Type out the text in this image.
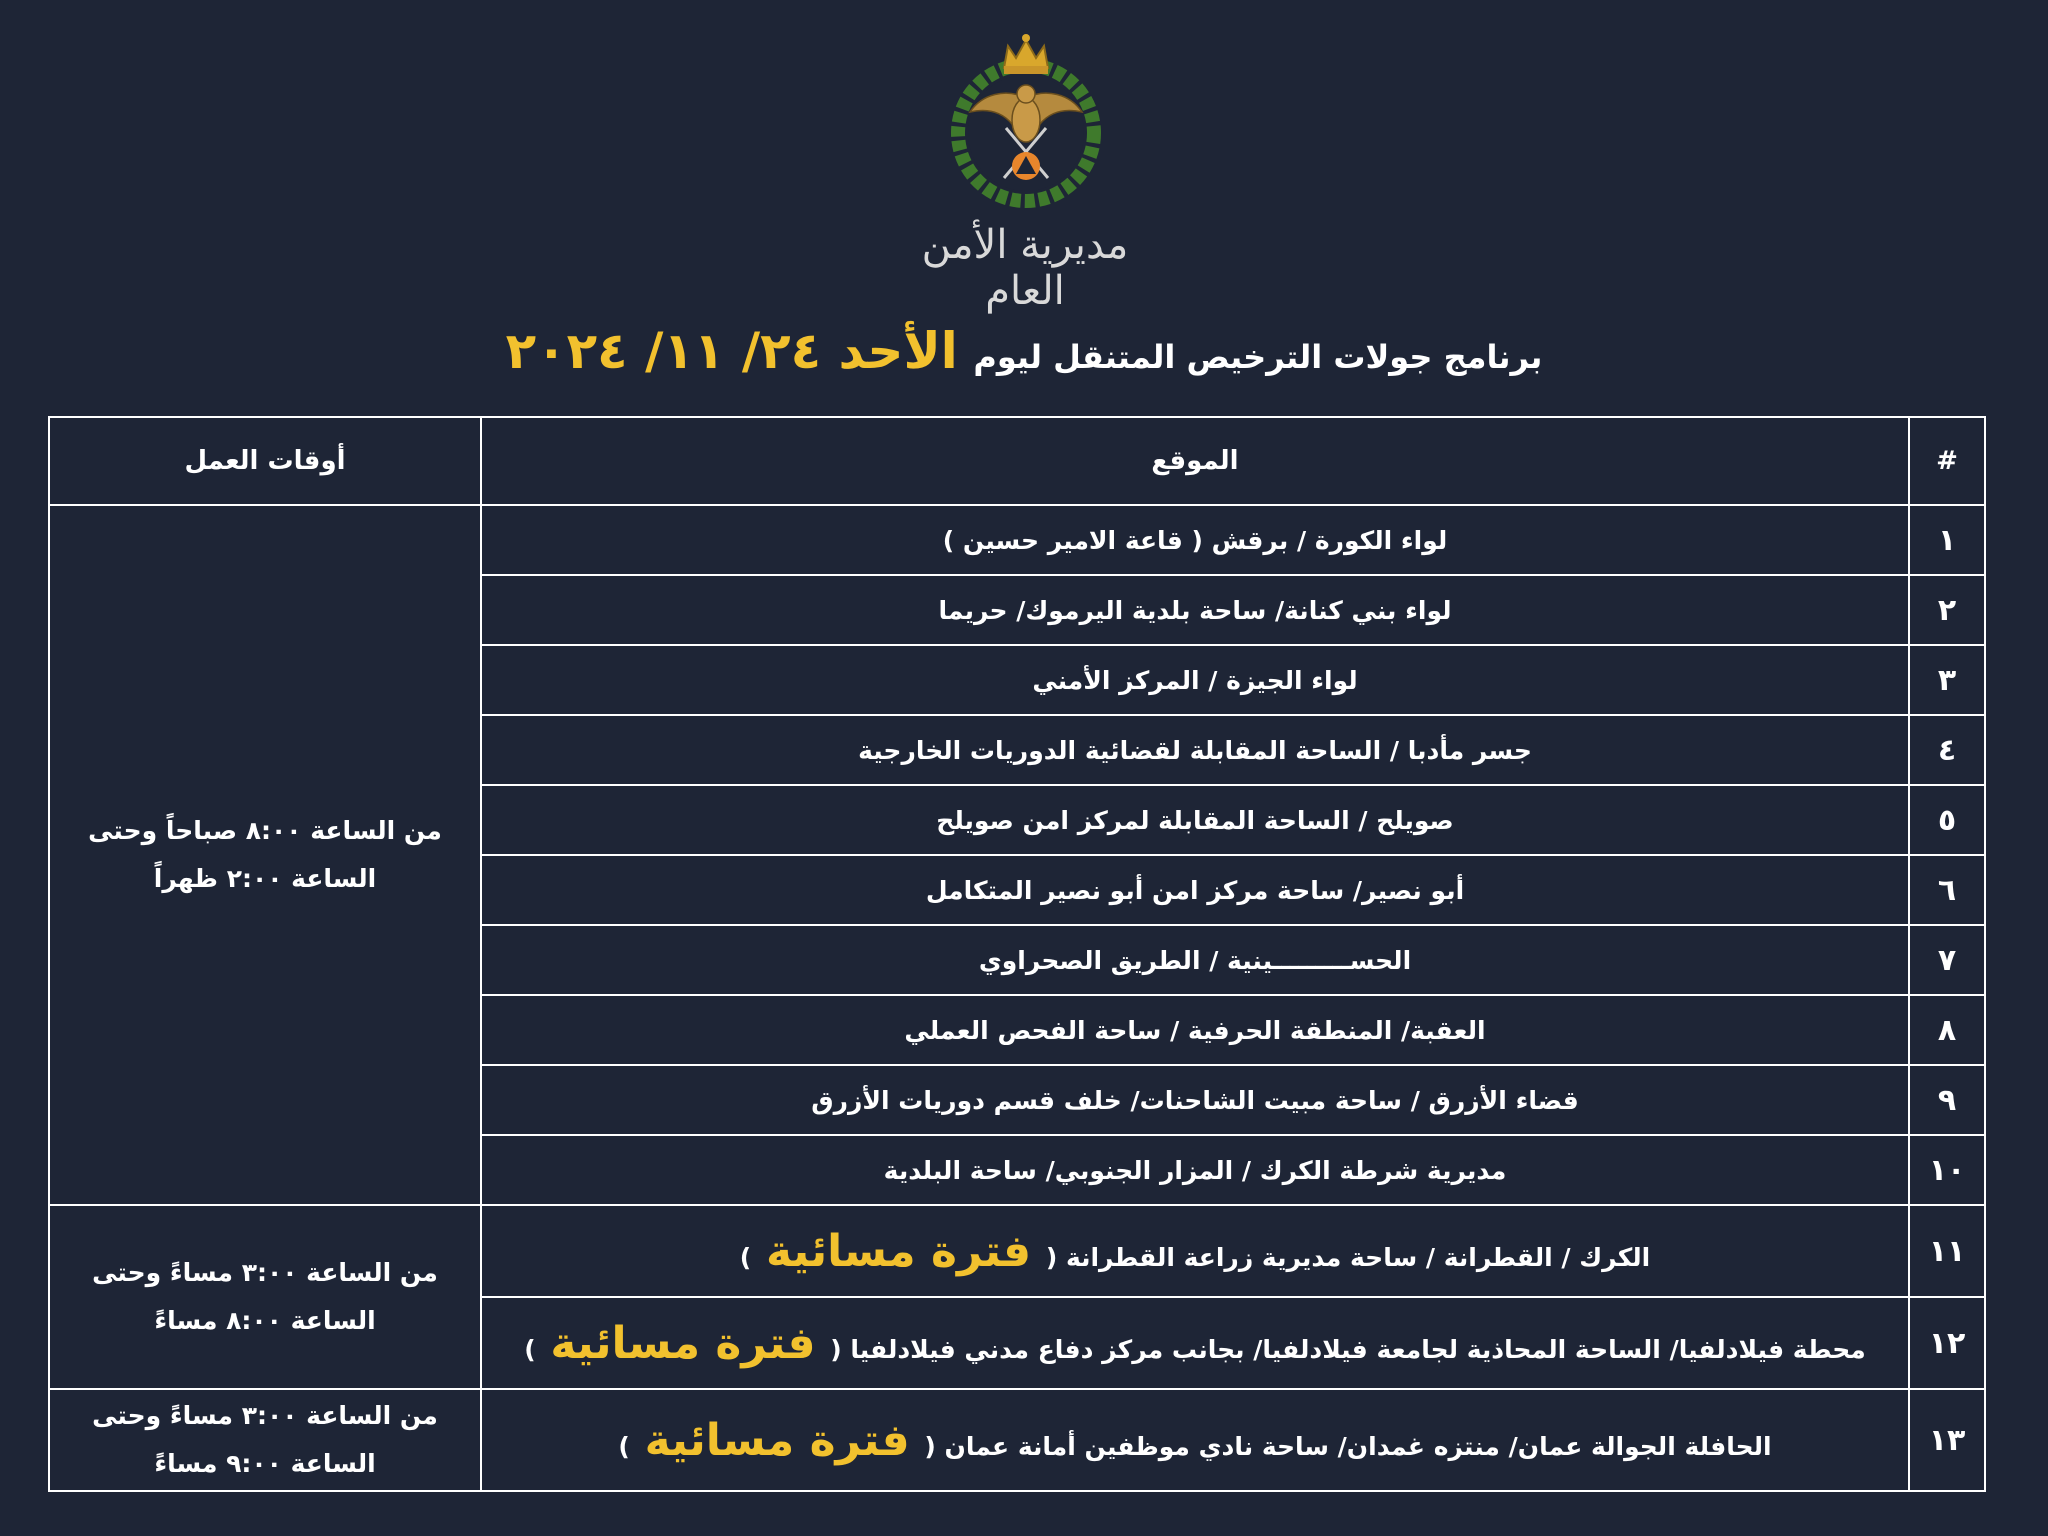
مديرية الأمن العام
برنامج جولات الترخيص المتنقل ليوم الأحد ٢٤/ ١١/ ٢٠٢٤
#	الموقع	أوقات العمل
١	لواء الكورة / برقش ( قاعة الامير حسين )	من الساعة ٨:٠٠ صباحاً وحتى
الساعة ٢:٠٠ ظهراً

٢	لواء بني كنانة/ ساحة بلدية اليرموك/ حريما	
٣	لواء الجيزة / المركز الأمني	
٤	جسر مأدبا / الساحة المقابلة لقضائية الدوريات الخارجية	
٥	صويلح / الساحة المقابلة لمركز امن صويلح	
٦	أبو نصير/ ساحة مركز امن أبو نصير المتكامل	
٧	الحســـــــــينية / الطريق الصحراوي	
٨	العقبة/ المنطقة الحرفية / ساحة الفحص العملي	
٩	قضاء الأزرق / ساحة مبيت الشاحنات/ خلف قسم دوريات الأزرق	
١٠	مديرية شرطة الكرك / المزار الجنوبي/ ساحة البلدية	
١١	الكرك / القطرانة / ساحة مديرية زراعة القطرانة ( فترة مسائية )	من الساعة ٣:٠٠ مساءً وحتى
الساعة ٨:٠٠ مساءً

١٢	محطة فيلادلفيا/ الساحة المحاذية لجامعة فيلادلفيا/ بجانب مركز دفاع مدني فيلادلفيا ( فترة مسائية )	
١٣	الحافلة الجوالة عمان/ منتزه غمدان/ ساحة نادي موظفين أمانة عمان ( فترة مسائية )	من الساعة ٣:٠٠ مساءً وحتى
الساعة ٩:٠٠ مساءً
